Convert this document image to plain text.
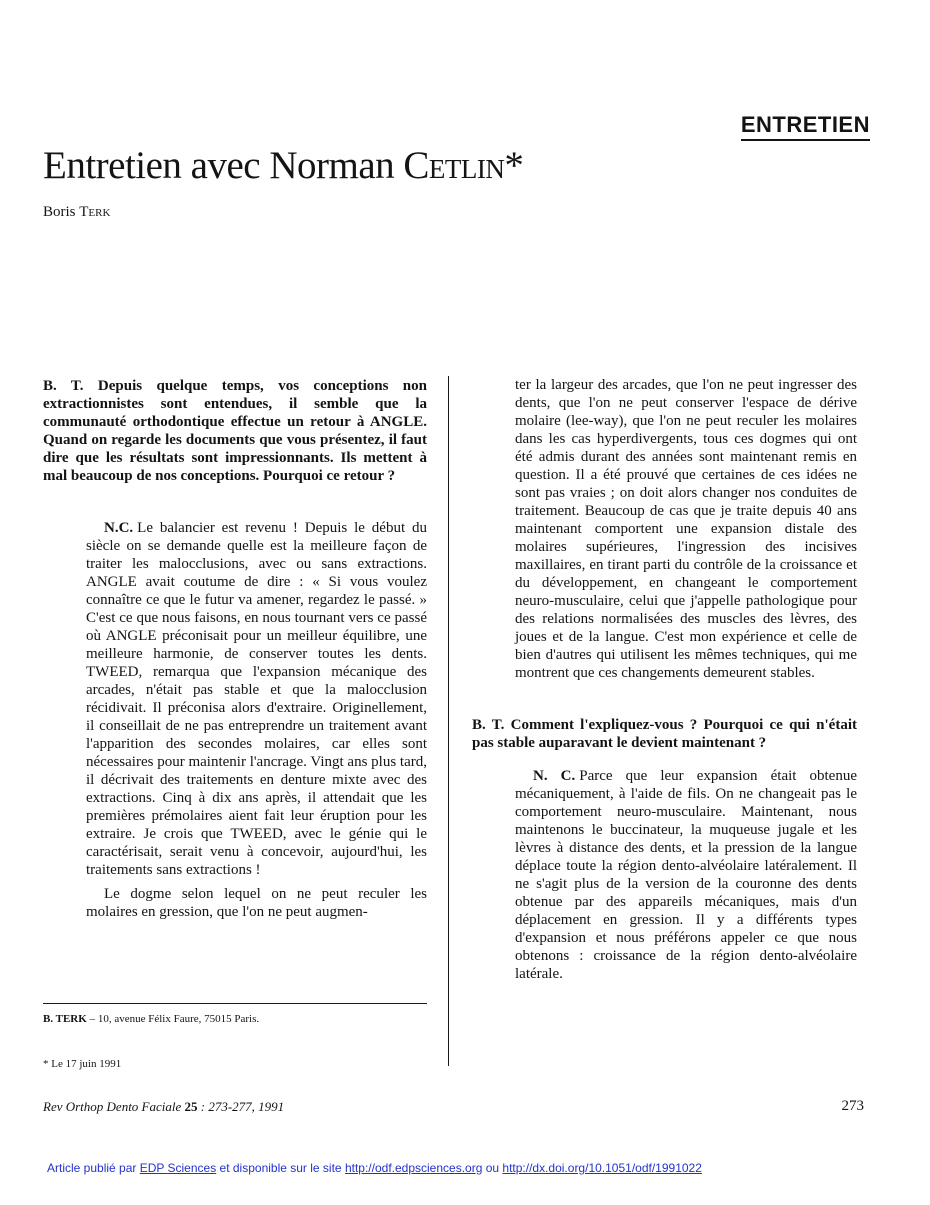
ENTRETIEN
Entretien avec Norman Cetlin*
Boris Terk

B. T. Depuis quelque temps, vos conceptions non extractionnistes sont entendues, il semble que la communauté orthodontique effectue un retour à ANGLE. Quand on regarde les documents que vous présentez, il faut dire que les résultats sont impressionnants. Ils mettent à mal beaucoup de nos conceptions. Pourquoi ce retour ?

N.C. Le balancier est revenu ! Depuis le début du siècle on se demande quelle est la meilleure façon de traiter les malocclusions, avec ou sans extractions. ANGLE avait coutume de dire : « Si vous voulez connaître ce que le futur va amener, regardez le passé. » C'est ce que nous faisons, en nous tournant vers ce passé où ANGLE préconisait pour un meilleur équilibre, une meilleure harmonie, de conserver toutes les dents. TWEED, remarqua que l'expansion mécanique des arcades, n'était pas stable et que la malocclusion récidivait. Il préconisa alors d'extraire. Originellement, il conseillait de ne pas entreprendre un traitement avant l'apparition des secondes molaires, car elles sont nécessaires pour maintenir l'ancrage. Vingt ans plus tard, il décrivait des traitements en denture mixte avec des extractions. Cinq à dix ans après, il attendait que les premières prémolaires aient fait leur éruption pour les extraire. Je crois que TWEED, avec le génie qui le caractérisait, serait venu à concevoir, aujourd'hui, les traitements sans extractions !

Le dogme selon lequel on ne peut reculer les molaires en gression, que l'on ne peut augmen-

ter la largeur des arcades, que l'on ne peut ingresser des dents, que l'on ne peut conserver l'espace de dérive molaire (lee-way), que l'on ne peut reculer les molaires dans les cas hyperdivergents, tous ces dogmes qui ont été admis durant des années sont maintenant remis en question. Il a été prouvé que certaines de ces idées ne sont pas vraies ; on doit alors changer nos conduites de traitement. Beaucoup de cas que je traite depuis 40 ans maintenant comportent une expansion distale des molaires supérieures, l'ingression des incisives maxillaires, en tirant parti du contrôle de la croissance et du développement, en changeant le comportement neuro-musculaire, celui que j'appelle pathologique pour des relations normalisées des muscles des lèvres, des joues et de la langue. C'est mon expérience et celle de bien d'autres qui utilisent les mêmes techniques, qui me montrent que ces changements demeurent stables.

B. T. Comment l'expliquez-vous ? Pourquoi ce qui n'était pas stable auparavant le devient maintenant ?

N. C. Parce que leur expansion était obtenue mécaniquement, à l'aide de fils. On ne changeait pas le comportement neuro-musculaire. Maintenant, nous maintenons le buccinateur, la muqueuse jugale et les lèvres à distance des dents, et la pression de la langue déplace toute la région dento-alvéolaire latéralement. Il ne s'agit plus de la version de la couronne des dents obtenue par des appareils mécaniques, mais d'un déplacement en gression. Il y a différents types d'expansion et nous préférons appeler ce que nous obtenons : croissance de la région dento-alvéolaire latérale.

B. TERK – 10, avenue Félix Faure, 75015 Paris.
* Le 17 juin 1991
Rev Orthop Dento Faciale 25 : 273-277, 1991	273
Article publié par EDP Sciences et disponible sur le site http://odf.edpsciences.org ou http://dx.doi.org/10.1051/odf/1991022
